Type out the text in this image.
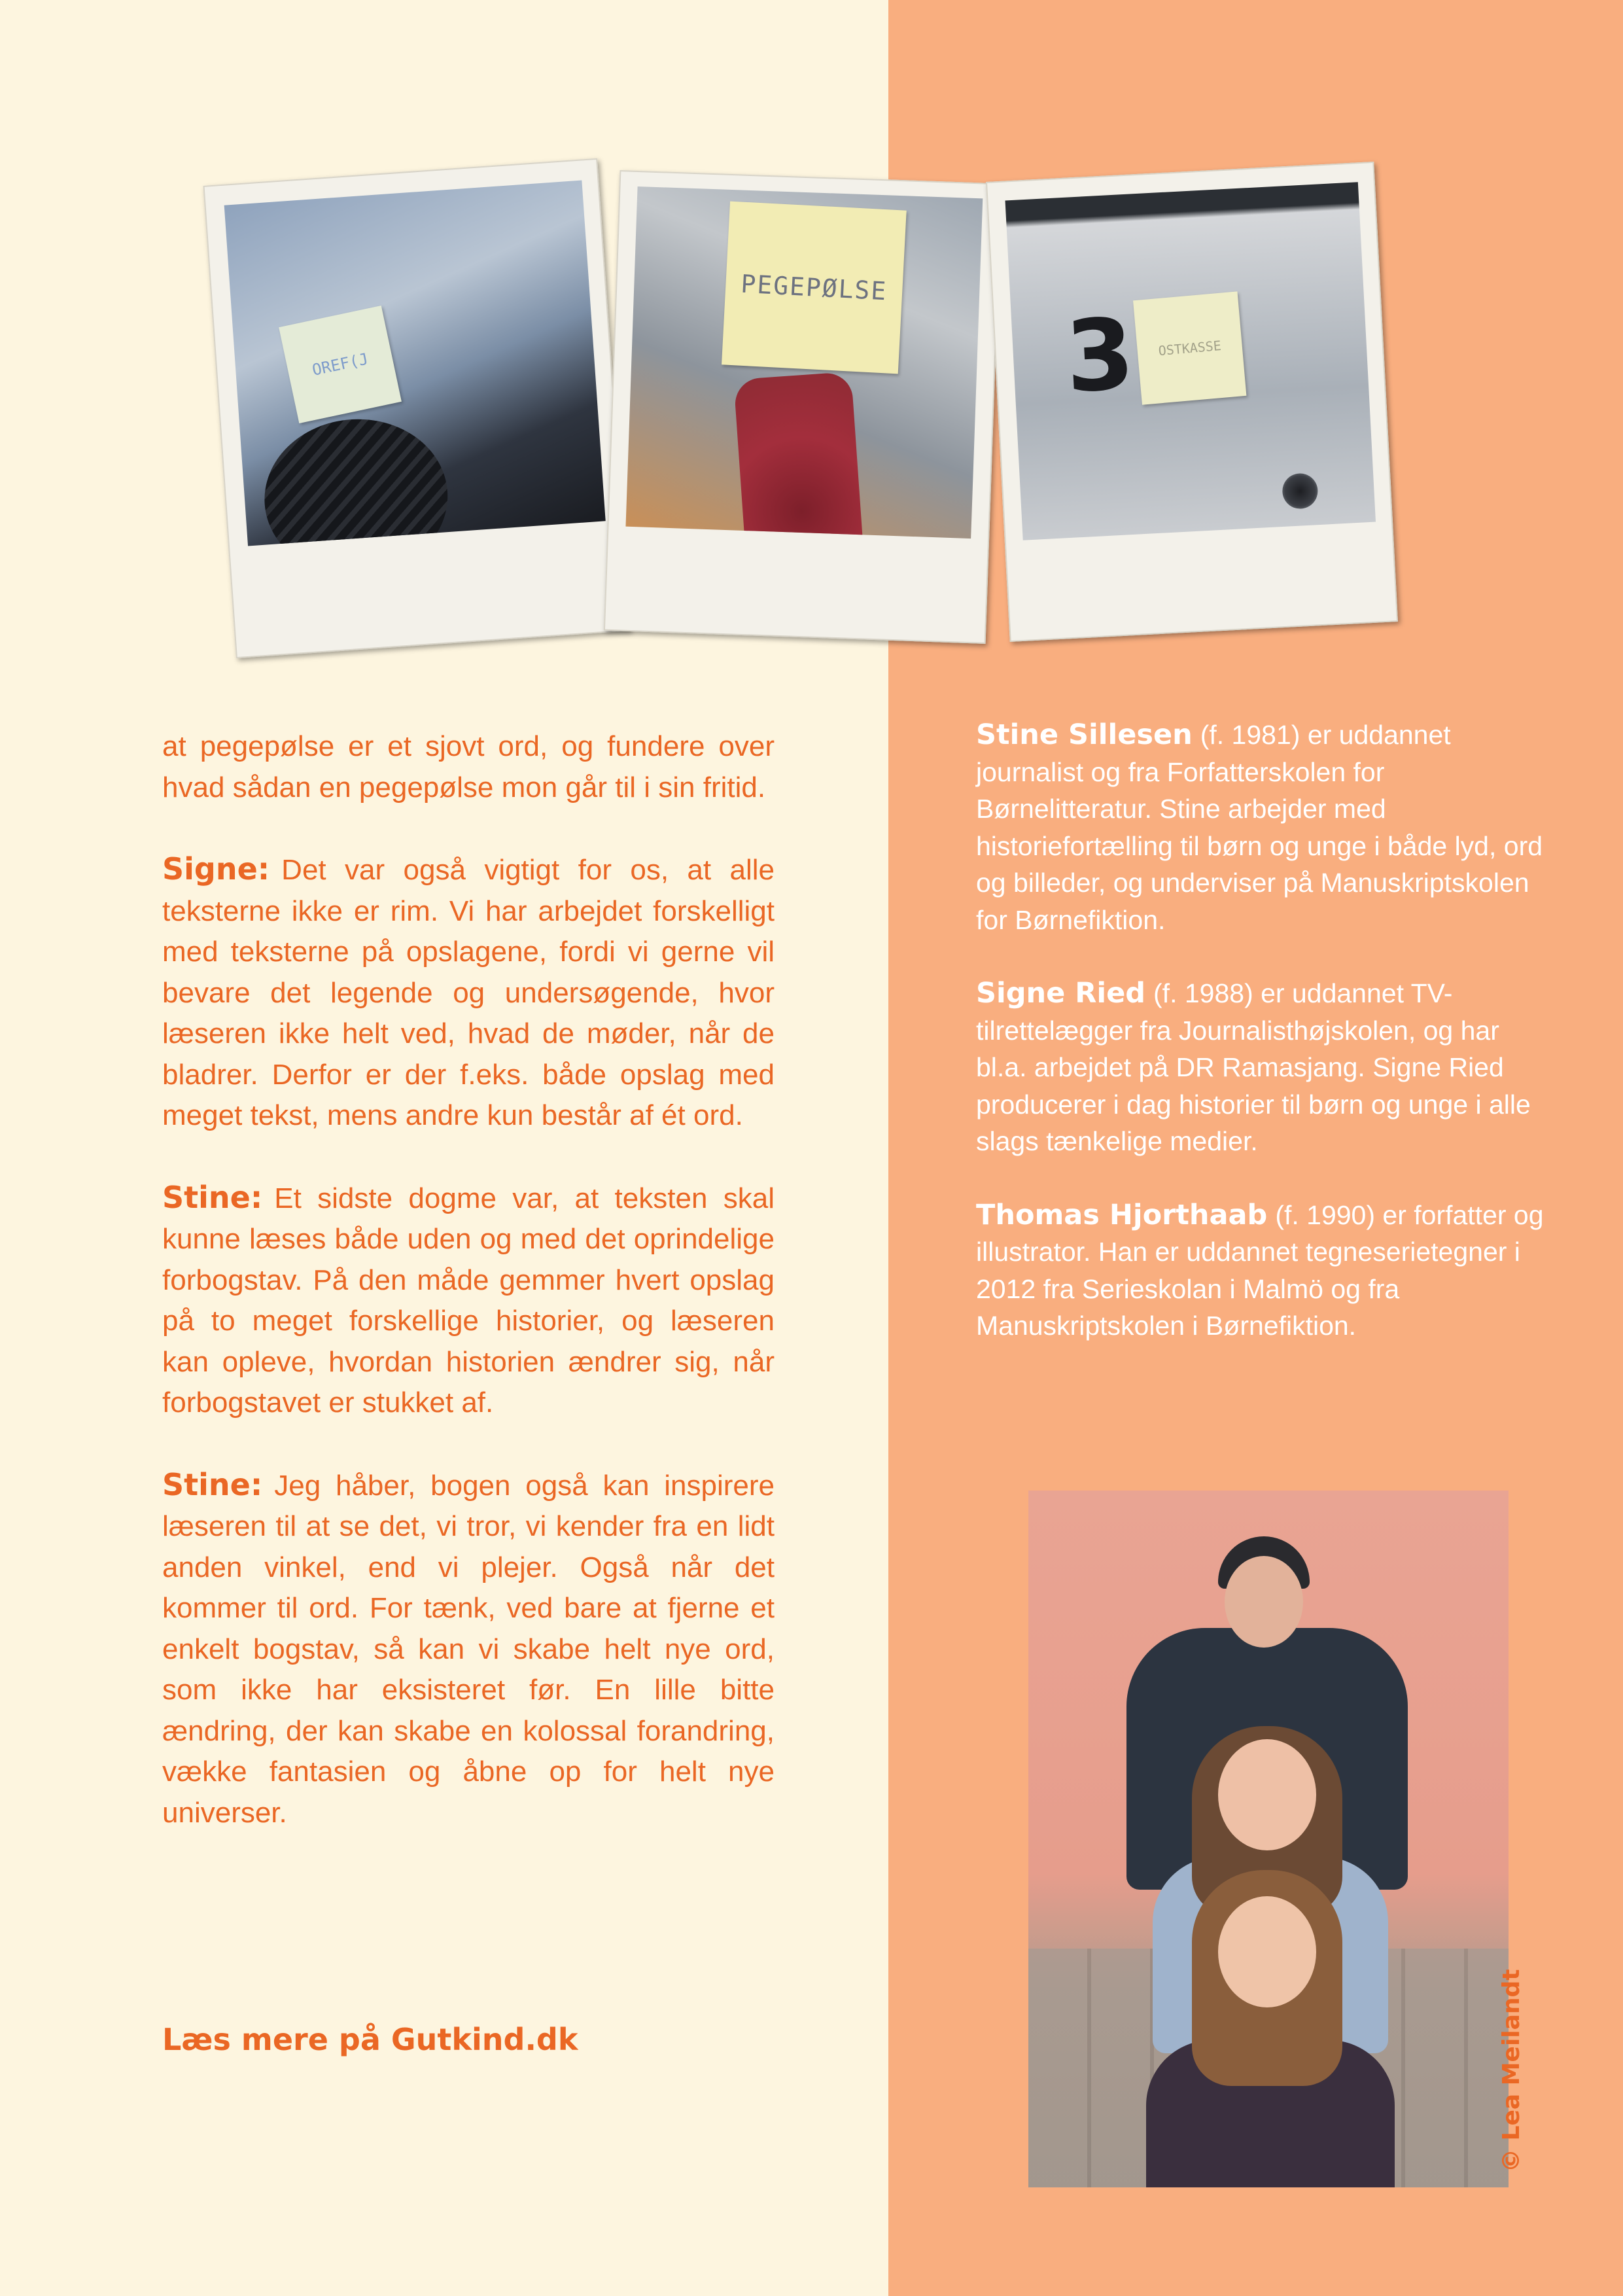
OREF(J
PEGEPØLSE
3	OSTKASSE

at pegepølse er et sjovt ord, og fundere over hvad sådan en pegepølse mon går til i sin fritid.

Signe: Det var også vigtigt for os, at alle teksterne ikke er rim. Vi har arbejdet forskelligt med teksterne på opslagene, fordi vi gerne vil bevare det legende og undersøgende, hvor læseren ikke helt ved, hvad de møder, når de bladrer. Derfor er der f.eks. både opslag med meget tekst, mens andre kun består af ét ord.

Stine: Et sidste dogme var, at teksten skal kunne læses både uden og med det oprindelige forbogstav. På den måde gemmer hvert opslag på to meget forskellige historier, og læseren kan opleve, hvordan historien ændrer sig, når forbogstavet er stukket af.

Stine: Jeg håber, bogen også kan inspirere læseren til at se det, vi tror, vi kender fra en lidt anden vinkel, end vi plejer. Også når det kommer til ord. For tænk, ved bare at fjerne et enkelt bogstav, så kan vi skabe helt nye ord, som ikke har eksisteret før. En lille bitte ændring, der kan skabe en kolossal forandring, vække fantasien og åbne op for helt nye universer.

Læs mere på Gutkind.dk

Stine Sillesen (f. 1981) er uddannet journalist og fra Forfatterskolen for Børnelitteratur. Stine arbejder med historiefortælling til børn og unge i både lyd, ord og billeder, og underviser på Manuskriptskolen for Børnefiktion.

Signe Ried (f. 1988) er uddannet TV-tilrettelægger fra Journalisthøjskolen, og har bl.a. arbejdet på DR Ramasjang. Signe Ried producerer i dag historier til børn og unge i alle slags tænkelige medier.

Thomas Hjorthaab (f. 1990) er forfatter og illustrator. Han er uddannet tegneserietegner i 2012 fra Serieskolan i Malmö og fra Manuskriptskolen i Børnefiktion.

© Lea Meilandt
